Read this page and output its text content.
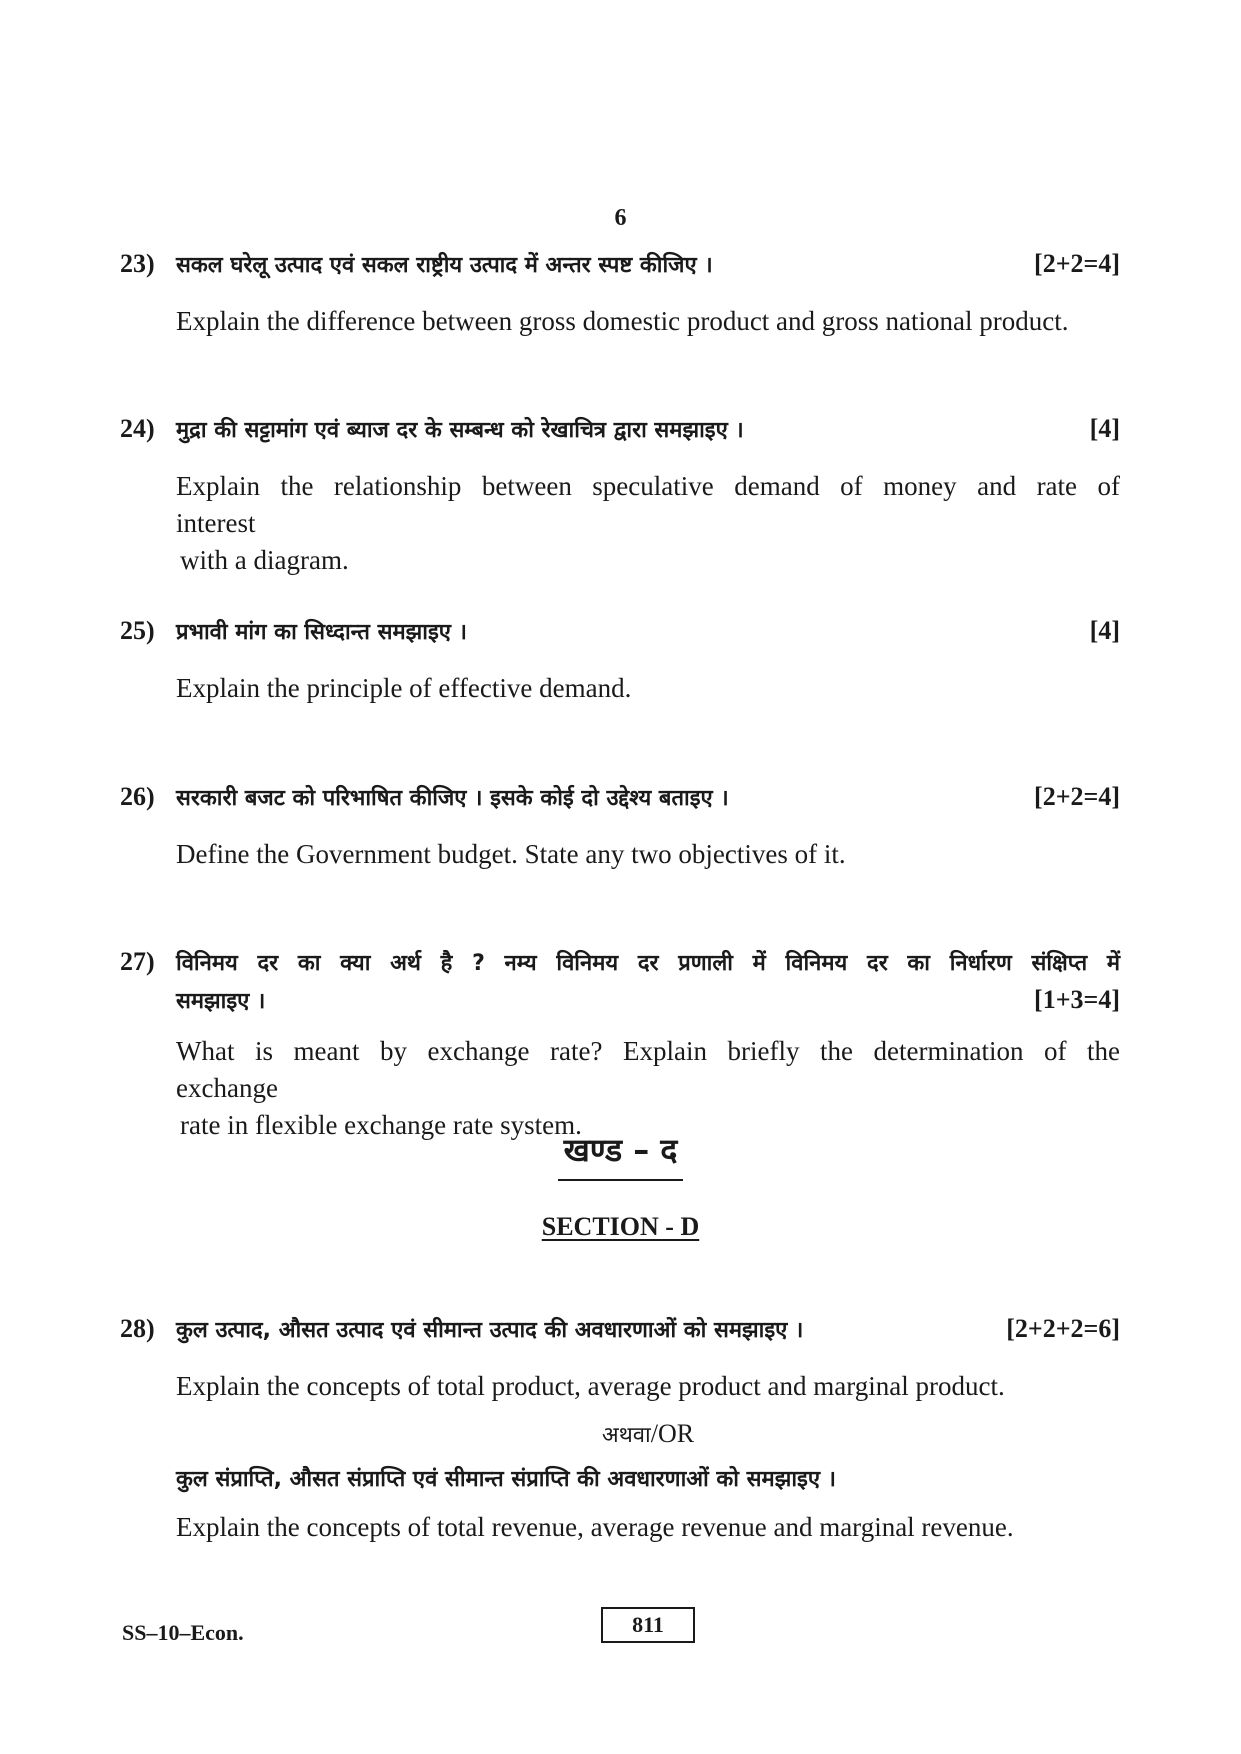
6
23) सकल घरेलू उत्पाद एवं सकल राष्ट्रीय उत्पाद में अन्तर स्पष्ट कीजिए ।	[2+2=4]
Explain the difference between gross domestic product and gross national product.
24) मुद्रा की सट्टामांग एवं ब्याज दर के सम्बन्ध को रेखाचित्र द्वारा समझाइए ।	[4]
Explain the relationship between speculative demand of money and rate of interest
with a diagram.
25) प्रभावी मांग का सिध्दान्त समझाइए ।	[4]
Explain the principle of effective demand.
26) सरकारी बजट को परिभाषित कीजिए । इसके कोई दो उद्देश्य बताइए ।	[2+2=4]
Define the Government budget. State any two objectives of it.
27) विनिमय दर का क्या अर्थ है ? नम्य विनिमय दर प्रणाली में विनिमय दर का निर्धारण संक्षिप्त में
समझाइए ।	[1+3=4]
What is meant by exchange rate? Explain briefly the determination of the exchange
rate in flexible exchange rate system.
खण्ड – द
SECTION - D
28) कुल उत्पाद, औसत उत्पाद एवं सीमान्त उत्पाद की अवधारणाओं को समझाइए ।	[2+2+2=6]
Explain the concepts of total product, average product and marginal product.
अथवा/OR
कुल संप्राप्ति, औसत संप्राप्ति एवं सीमान्त संप्राप्ति की अवधारणाओं को समझाइए ।
Explain the concepts of total revenue, average revenue and marginal revenue.
SS–10–Econ.	811
